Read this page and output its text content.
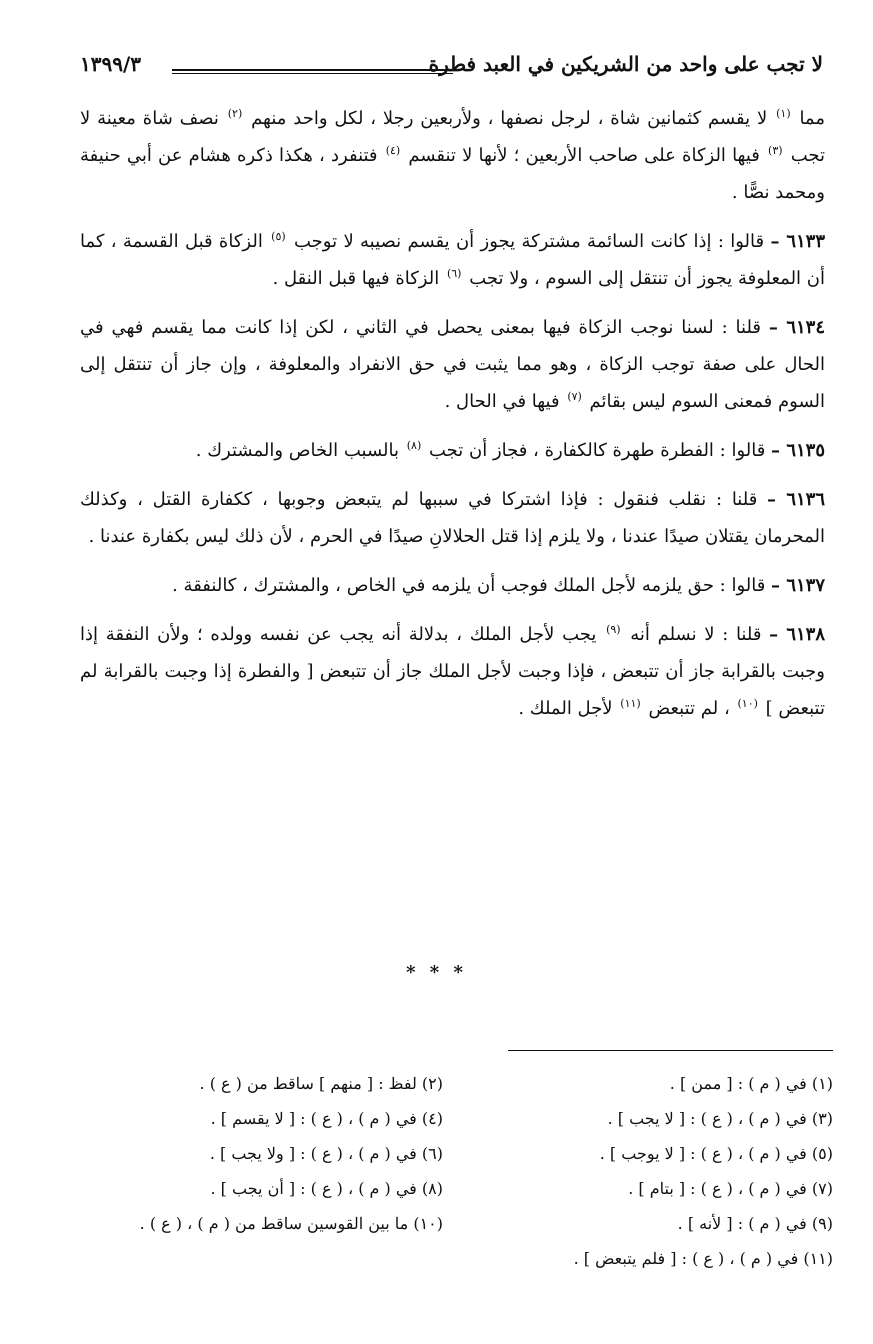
لا تجب على واحد من الشريكين في العبد فطرة
١٣٩٩/٣

مما $^{(١)}$ لا يقسم كثمانين شاة ، لرجل نصفها ، ولأربعين رجلا ، لكل واحد منهم $^{(٢)}$ نصف شاة معينة لا تجب $^{(٣)}$ فيها الزكاة على صاحب الأربعين ؛ لأنها لا تنقسم $^{(٤)}$ فتنفرد ، هكذا ذكره هشام عن أبي حنيفة ومحمد نصًّا .

٦١٣٣ – قالوا : إذا كانت السائمة مشتركة يجوز أن يقسم نصيبه لا توجب $^{(٥)}$ الزكاة قبل القسمة ، كما أن المعلوفة يجوز أن تنتقل إلى السوم ، ولا تجب $^{(٦)}$ الزكاة فيها قبل النقل .

٦١٣٤ – قلنا : لسنا نوجب الزكاة فيها بمعنى يحصل في الثاني ، لكن إذا كانت مما يقسم فهي في الحال على صفة توجب الزكاة ، وهو مما يثبت في حق الانفراد والمعلوفة ، وإن جاز أن تنتقل إلى السوم فمعنى السوم ليس بقائم $^{(٧)}$ فيها في الحال .

٦١٣٥ – قالوا : الفطرة طهرة كالكفارة ، فجاز أن تجب $^{(٨)}$ بالسبب الخاص والمشترك .

٦١٣٦ – قلنا : نقلب فنقول : فإذا اشتركا في سببها لم يتبعض وجوبها ، ككفارة القتل ، وكذلك المحرمان يقتلان صيدًا عندنا ، ولا يلزم إذا قتل الحلالانِ صيدًا في الحرم ، لأن ذلك ليس بكفارة عندنا .

٦١٣٧ – قالوا : حق يلزمه لأجل الملك فوجب أن يلزمه في الخاص ، والمشترك ، كالنفقة .

٦١٣٨ – قلنا : لا نسلم أنه $^{(٩)}$ يجب لأجل الملك ، بدلالة أنه يجب عن نفسه وولده ؛ ولأن النفقة إذا وجبت بالقرابة جاز أن تتبعض ، فإذا وجبت لأجل الملك جاز أن تتبعض [ والفطرة إذا وجبت بالقرابة لم تتبعض ] $^{(١٠)}$ ، لم تتبعض $^{(١١)}$ لأجل الملك .

* * *
(١) في ( م ) : [ ممن ] .
(٣) في ( م ) ، ( ع ) : [ لا يجب ] .
(٥) في ( م ) ، ( ع ) : [ لا يوجب ] .
(٧) في ( م ) ، ( ع ) : [ بتام ] .
(٩) في ( م ) : [ لأنه ] .
(١١) في ( م ) ، ( ع ) : [ فلم يتبعض ] .
(٢) لفظ : [ منهم ] ساقط من ( ع ) .
(٤) في ( م ) ، ( ع ) : [ لا يقسم ] .
(٦) في ( م ) ، ( ع ) : [ ولا يجب ] .
(٨) في ( م ) ، ( ع ) : [ أن يجب ] .
(١٠) ما بين القوسين ساقط من ( م ) ، ( ع ) .
